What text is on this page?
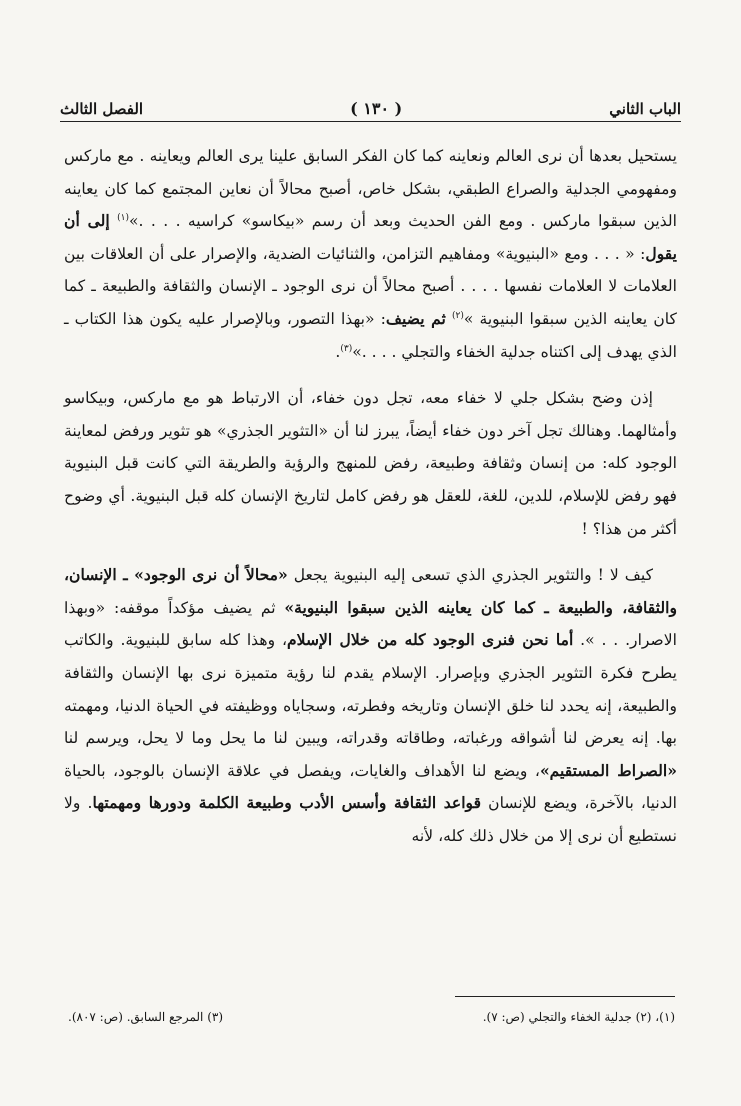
الباب الثاني
( ١٣٠ )
الفصل الثالث

يستحيل بعدها أن نرى العالم ونعاينه كما كان الفكر السابق علينا يرى العالم ويعاينه . مع ماركس ومفهومي الجدلية والصراع الطبقي، بشكل خاص، أصبح محالاً أن نعاين المجتمع كما كان يعاينه الذين سبقوا ماركس . ومع الفن الحديث وبعد أن رسم «بيكاسو» كراسيه . . . .»$^{(١)}$ إلى أن يقول: « . . . ومع «البنيوية» ومفاهيم التزامن، والثنائيات الضدية، والإصرار على أن العلاقات بين العلامات لا العلامات نفسها . . . . أصبح محالاً أن نرى الوجود ـ الإنسان والثقافة والطبيعة ـ كما كان يعاينه الذين سبقوا البنيوية »$^{(٢)}$ ثم يضيف: «بهذا التصور، وبالإصرار عليه يكون هذا الكتاب ـ الذي يهدف إلى اكتناه جدلية الخفاء والتجلي . . . .»$^{(٣)}$.

إذن وضح بشكل جلي لا خفاء معه، تجل دون خفاء، أن الارتباط هو مع ماركس، وبيكاسو وأمثالهما. وهنالك تجل آخر دون خفاء أيضاً، يبرز لنا أن «التثوير الجذري» هو تثوير ورفض لمعاينة الوجود كله: من إنسان وثقافة وطبيعة، رفض للمنهج والرؤية والطريقة التي كانت قبل البنيوية فهو رفض للإسلام، للدين، للغة، للعقل هو رفض كامل لتاريخ الإنسان كله قبل البنيوية. أي وضوح أكثر من هذا؟ !

كيف لا ! والتثوير الجذري الذي تسعى إليه البنيوية يجعل «محالاً أن نرى الوجود» ـ الإنسان، والثقافة، والطبيعة ـ كما كان يعاينه الذين سبقوا البنيوية» ثم يضيف مؤكداً موقفه: «وبهذا الاصرار. . . ». أما نحن فنرى الوجود كله من خلال الإسلام، وهذا كله سابق للبنيوية. والكاتب يطرح فكرة التثوير الجذري وبإصرار. الإسلام يقدم لنا رؤية متميزة نرى بها الإنسان والثقافة والطبيعة، إنه يحدد لنا خلق الإنسان وتاريخه وفطرته، وسجاياه ووظيفته في الحياة الدنيا، ومهمته بها. إنه يعرض لنا أشواقه ورغباته، وطاقاته وقدراته، ويبين لنا ما يحل وما لا يحل، ويرسم لنا «الصراط المستقيم»، ويضع لنا الأهداف والغايات، ويفصل في علاقة الإنسان بالوجود، بالحياة الدنيا، بالآخرة، ويضع للإنسان قواعد الثقافة وأسس الأدب وطبيعة الكلمة ودورها ومهمتها. ولا نستطيع أن نرى إلا من خلال ذلك كله، لأنه

(١)، (٢) جدلية الخفاء والتجلي (ص: ٧).
(٣) المرجع السابق. (ص: ٨٠٧).
